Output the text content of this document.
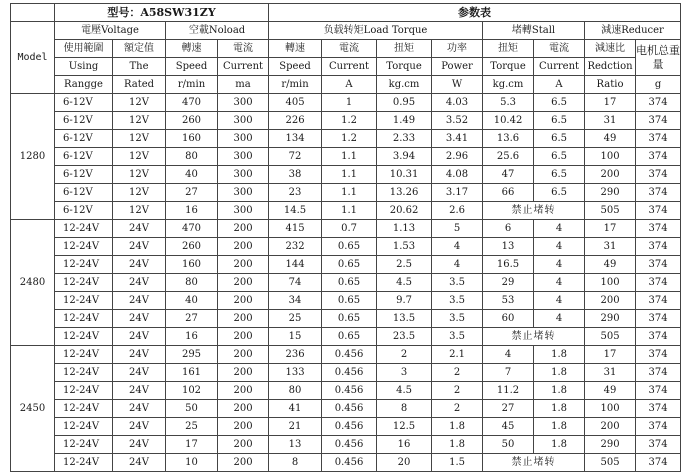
	型号：A58SW31ZY				参数表							
Model	電壓Voltage		空載Noload		负载转矩Load Torque				堵轉Stall		減速Reducer	
	使用範圍	額定值	轉速	電流	轉速	電流	扭矩	功率	扭矩	電流	減速比	电机总重量
	Using	The	Speed	Current	Speed	Current	Torque	Power	Torque	Current	Redction	
	Rangge	Rated	r/min	ma	r/min	A	kg.cm	W	kg.cm	A	Ratio	g
1280	6-12V	12V	470	300	405	1	0.95	4.03	5.3	6.5	17	374
	6-12V	12V	260	300	226	1.2	1.49	3.52	10.42	6.5	31	374
	6-12V	12V	160	300	134	1.2	2.33	3.41	13.6	6.5	49	374
	6-12V	12V	80	300	72	1.1	3.94	2.96	25.6	6.5	100	374
	6-12V	12V	40	300	38	1.1	10.31	4.08	47	6.5	200	374
	6-12V	12V	27	300	23	1.1	13.26	3.17	66	6.5	290	374
	6-12V	12V	16	300	14.5	1.1	20.62	2.6	禁止堵转		505	374
2480	12-24V	24V	470	200	415	0.7	1.13	5	6	4	17	374
	12-24V	24V	260	200	232	0.65	1.53	4	13	4	31	374
	12-24V	24V	160	200	144	0.65	2.5	4	16.5	4	49	374
	12-24V	24V	80	200	74	0.65	4.5	3.5	29	4	100	374
	12-24V	24V	40	200	34	0.65	9.7	3.5	53	4	200	374
	12-24V	24V	27	200	25	0.65	13.5	3.5	60	4	290	374
	12-24V	24V	16	200	15	0.65	23.5	3.5	禁止堵转		505	374
2450	12-24V	24V	295	200	236	0.456	2	2.1	4	1.8	17	374
	12-24V	24V	161	200	133	0.456	3	2	7	1.8	31	374
	12-24V	24V	102	200	80	0.456	4.5	2	11.2	1.8	49	374
	12-24V	24V	50	200	41	0.456	8	2	27	1.8	100	374
	12-24V	24V	25	200	21	0.456	12.5	1.8	45	1.8	200	374
	12-24V	24V	17	200	13	0.456	16	1.8	50	1.8	290	374
	12-24V	24V	10	200	8	0.456	20	1.5	禁止堵转		505	374
